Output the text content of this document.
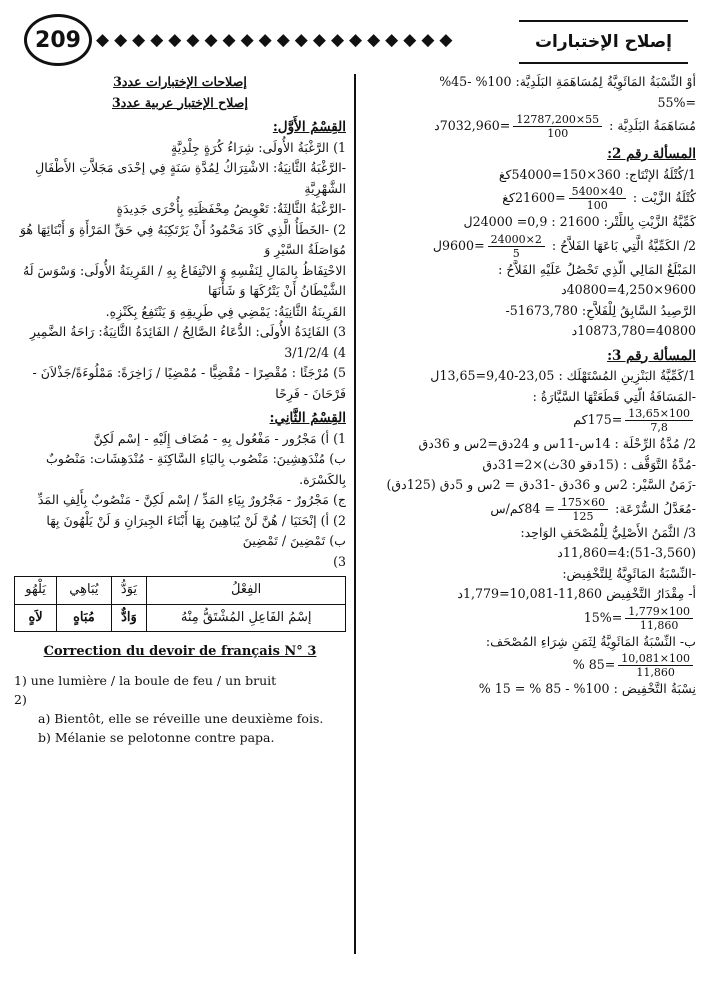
209 ◆◆◆◆◆◆◆◆◆◆◆◆◆◆◆◆◆◆◆◆	إصلاح الإختبارات
أوْ النِّسْبَةُ المَائَوِيَّةُ لِمُسَاهَمَةِ البَلَدِيَّة: 100% -45%
=55%
مُسَاهَمَةُ البَلَدِيَّة :
$\frac{55\times 12787,200}{100}$
=7032,960د
المسألة رقم 2:
1/كُتْلَةُ الإنْتَاج: 360×150=54000كغ
كُتْلَةُ الزَّيْت :
$\frac{40\times 5400}{100}$
=21600كغ
كَمِّيَّةُ الزَّيْتِ بِاللِّتْر: 21600 : 0,9= 24000ل
2/ الكَمِّيَّةُ الَّتِي بَاعَهَا الفَلاَّحُ :
$\frac{2\times 24000}{5}$
=9600ل
المَبْلَغُ المَالِي الَّذِي تَحْصُلُ عَلَيْهِ الفَلاَّحُ :
9600×4,250=40800د
الرَّصِيدُ السَّابِقُ لِلْفَلاَّحِ: 51673,780-
40800=10873,780د
المسألة رقم 3:
1/كَمِّيَّةُ البَنْزِينِ المُسْتَهْلَك : 23,05-9,40=13,65ل
-المَسَافَةُ الَّتِي قَطَعَتْهَا السَّيَّارَةُ :
$\frac{100\times 13,65}{7,8}$
=175كم
2/ مُدَّةُ الرِّحْلَة : 14س-11س و 24دق=2س و 36دق
-مُدَّةُ التَّوَقُّف : (15دقو 30ث)×2=31دق
-زَمَنُ السَّيْر: 2س و 36دق -31دق = 2س و 5دق (125دق)
-مُعَدَّلُ السُّرْعَة:
$\frac{60\times 175}{125}$
= 84كم/س
3/ الثَّمَنُ الأَصْلِيُّ لِلْمُصْحَفِ الوَاحِد:
(51-3,560):4=11,860د
-النِّسْبَةُ المَائَوِيَّةُ لِلتَّخْفِيض:
أ- مِقْدَارُ التَّخْفِيض 11,860-10,081=1,779د
$\frac{100\times 1,779}{11,860}$
=15%
ب- النِّسْبَةُ المَائَوِيَّةُ لِثَمَنِ شِرَاءِ المُصْحَف:
$\frac{100\times 10,081}{11,860}$
=85 %
نِسْبَةُ التَّخْفِيض : 100% - 85 % = 15 %
إصلاحات الإختبارات عدد3
إصلاح الإختبار عربية عدد3
القِسْمُ الأَوَّل:
1) الرَّغْبَةُ الأُولَى: شِرَاءُ كُرَةٍ جِلْدِيَّةٍ
-الرَّغْبَةُ الثَّانِيَةُ: الاشْتِرَاكُ لِمُدَّةِ سَنَةٍ فِي إحْدَى مَجَلاَّتِ الأَطْفَالِ الشَّهْرِيَّةِ
-الرَّغْبَةُ الثَّالِثَةُ: تَعْوِيضُ مِحْفَظَتِهِ بِأُخْرَى جَدِيدَةٍ
2) -الخَطَأُ الَّذِي كَادَ مَحْمُودُ أَنْ يَرْتَكِبَهُ فِي حَقِّ المَرْأَةِ وَ أَبْنَائِهَا هُوَ مُوَاصَلَةُ السَّيْرِ وَ
الاحْتِفَاظُ بِالمَالِ لِنَفْسِهِ وَ الانْتِفَاعُ بِهِ / القَرِينَةُ الأُولَى: وَسْوَسَ لَهُ الشَّيْطَانُ أَنْ يَتْرُكَهَا وَ شَأْنَهَا
القَرِينَةُ الثَّانِيَةُ: يَمْضِي فِي طَرِيقِهِ وَ يَنْتَفِعُ بِكَنْزِهِ.
3) الفَائِدَةُ الأُولَى: الدُّعَاءُ الصَّالِحُ / الفَائِدَةُ الثَّانِيَةُ: رَاحَةُ الضَّمِيرِ
4) 3/1/2/4
5) مُرْجَئًا : مُقْصِرًا - مُقْضِيًّا - مُمْضِيًا / زَاخِرَةً: مَمْلُوءَةً/جَذْلاَنَ - فَرْحَانَ - فَرِحًا
القِسْمُ الثَّانِي:
1) أ) مَجْرُور - مَفْعُول بِهِ - مُضَاف إِلَيْهِ - إسْم لَكِنَّ
ب) مُنْدَهِشِينَ: مَنْصُوب بِاليَاءِ السَّاكِنَةِ - مُنْدَهِشَات: مَنْصُوبٌ بِالكَسْرَة.
ج) مَجْرُورٌ - مَجْرُورٌ بِيَاءِ المَدِّ / إسْم لَكِنَّ - مَنْصُوبٌ بِأَلِفِ المَدِّ
2) أ) إنْحَنَيَا / هُنَّ لَنْ يُبَاهِينَ بِهَا أَبْنَاءَ الجِيرَانِ وَ لَنْ يَلْهُونَ بِهَا
ب) تَمْضِينَ / تَمْضِينَ
3)
الفِعْلُ	يَوَدُّ	يُبَاهِي	يَلْهُو
إسْمُ الفَاعِلِ المُشْتَقُّ مِنْهُ	وَادٌّ	مُبَاهٍ	لاَهٍ
Correction du devoir de français N° 3
1) une lumière / la boule de feu / un bruit
2)
a) Bientôt, elle se réveille une deuxième fois.
b) Mélanie se pelotonne contre papa.
